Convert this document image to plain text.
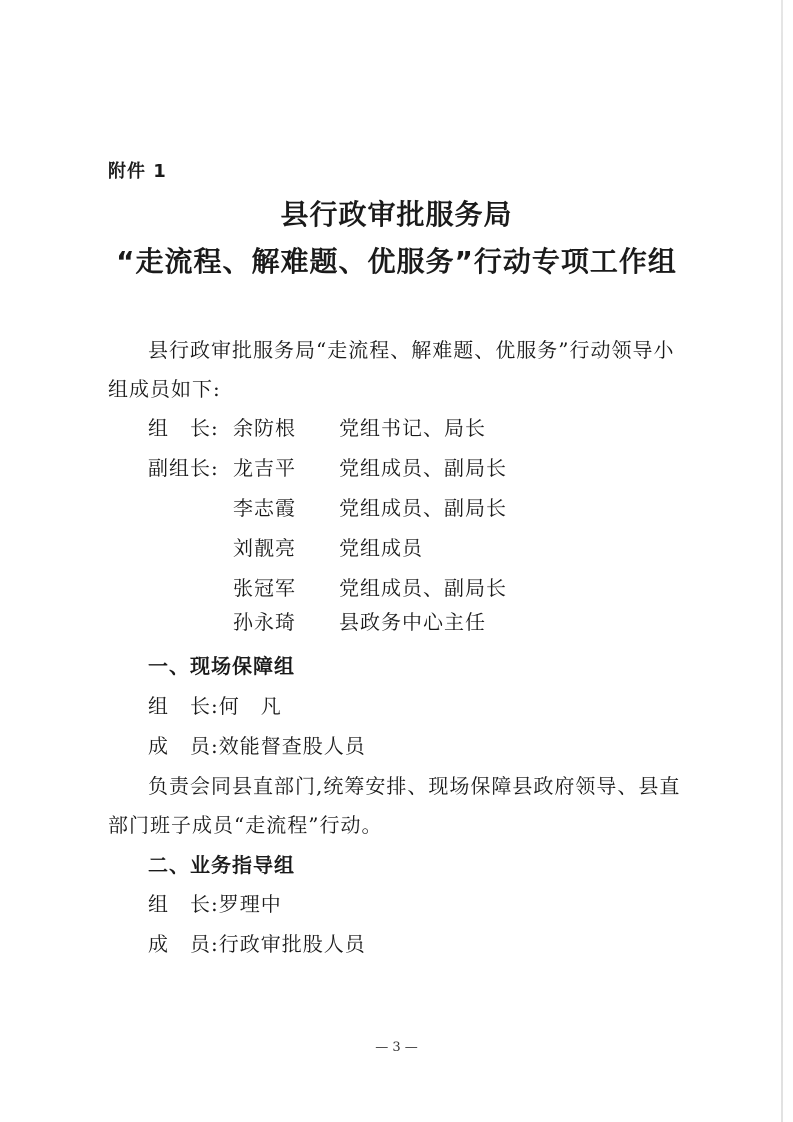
附件 1
县行政审批服务局
“走流程、解难题、优服务”行动专项工作组
县行政审批服务局“走流程、解难题、优服务”行动领导小
组成员如下:
组　长: 余防根 党组书记、局长
副组长: 龙吉平 党组成员、副局长
李志霞 党组成员、副局长
刘靓亮 党组成员
张冠军 党组成员、副局长
孙永琦 县政务中心主任
一、现场保障组
组　长:何　凡
成　员:效能督查股人员
负责会同县直部门,统筹安排、现场保障县政府领导、县直
部门班子成员“走流程”行动。
二、业务指导组
组　长:罗理中
成　员:行政审批股人员
— 3 —
